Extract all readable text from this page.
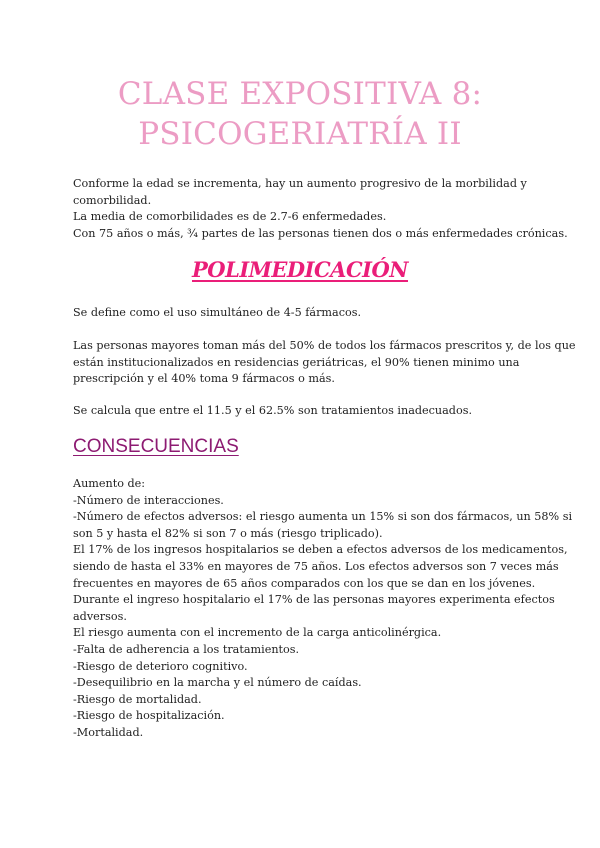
CLASE EXPOSITIVA 8:
PSICOGERIATRÍA II

Conforme la edad se incrementa, hay un aumento progresivo de la morbilidad y
comorbilidad.
La media de comorbilidades es de 2.7-6 enfermedades.
Con 75 años o más, ¾ partes de las personas tienen dos o más enfermedades crónicas.

POLIMEDICACIÓN

Se define como el uso simultáneo de 4-5 fármacos.

Las personas mayores toman más del 50% de todos los fármacos prescritos y, de los que
están institucionalizados en residencias geriátricas, el 90% tienen minimo una
prescripción y el 40% toma 9 fármacos o más.

Se calcula que entre el 11.5 y el 62.5% son tratamientos inadecuados.

CONSECUENCIAS

Aumento de:
-Número de interacciones.
-Número de efectos adversos: el riesgo aumenta un 15% si son dos fármacos, un 58% si
son 5 y hasta el 82% si son 7 o más (riesgo triplicado).
El 17% de los ingresos hospitalarios se deben a efectos adversos de los medicamentos,
siendo de hasta el 33% en mayores de 75 años. Los efectos adversos son 7 veces más
frecuentes en mayores de 65 años comparados con los que se dan en los jóvenes.
Durante el ingreso hospitalario el 17% de las personas mayores experimenta efectos
adversos.
El riesgo aumenta con el incremento de la carga anticolinérgica.
-Falta de adherencia a los tratamientos.
-Riesgo de deterioro cognitivo.
-Desequilibrio en la marcha y el número de caídas.
-Riesgo de mortalidad.
-Riesgo de hospitalización.
-Mortalidad.
